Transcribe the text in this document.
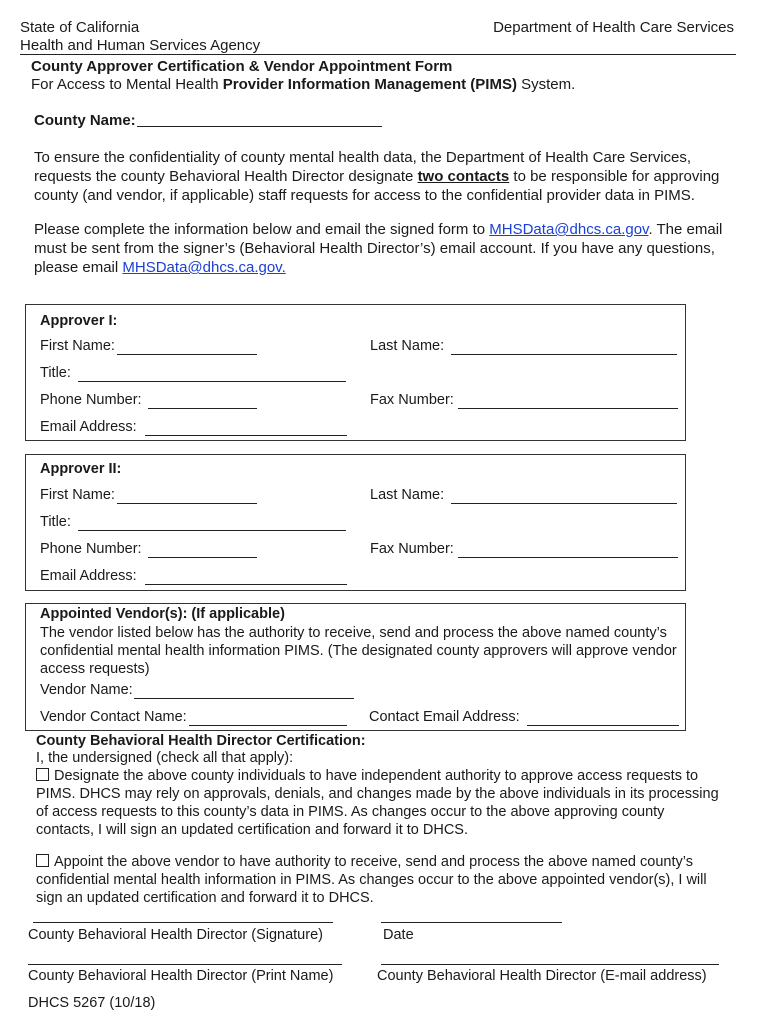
State of California
Health and Human Services Agency
Department of Health Care Services
County Approver Certification & Vendor Appointment Form
For Access to Mental Health Provider Information Management (PIMS) System.
County Name:
To ensure the confidentiality of county mental health data, the Department of Health Care Services, requests the county Behavioral Health Director designate two contacts to be responsible for approving county (and vendor, if applicable) staff requests for access to the confidential provider data in PIMS.
Please complete the information below and email the signed form to MHSData@dhcs.ca.gov. The email must be sent from the signer’s (Behavioral Health Director’s) email account. If you have any questions, please email MHSData@dhcs.ca.gov.
Approver I:
First Name:	Last Name:
Title:
Phone Number:	Fax Number:
Email Address:
Approver II:
First Name:	Last Name:
Title:
Phone Number:	Fax Number:
Email Address:
Appointed Vendor(s): (If applicable)
The vendor listed below has the authority to receive, send and process the above named county’s confidential mental health information PIMS. (The designated county approvers will approve vendor access requests)
Vendor Name:
Vendor Contact Name:	Contact Email Address:
County Behavioral Health Director Certification:
I, the undersigned (check all that apply):
Designate the above county individuals to have independent authority to approve access requests to PIMS. DHCS may rely on approvals, denials, and changes made by the above individuals in its processing of access requests to this county’s data in PIMS. As changes occur to the above approving county contacts, I will sign an updated certification and forward it to DHCS.
Appoint the above vendor to have authority to receive, send and process the above named county’s confidential mental health information in PIMS. As changes occur to the above appointed vendor(s), I will sign an updated certification and forward it to DHCS.
County Behavioral Health Director (Signature)	Date
County Behavioral Health Director (Print Name)	County Behavioral Health Director (E-mail address)
DHCS 5267 (10/18)
